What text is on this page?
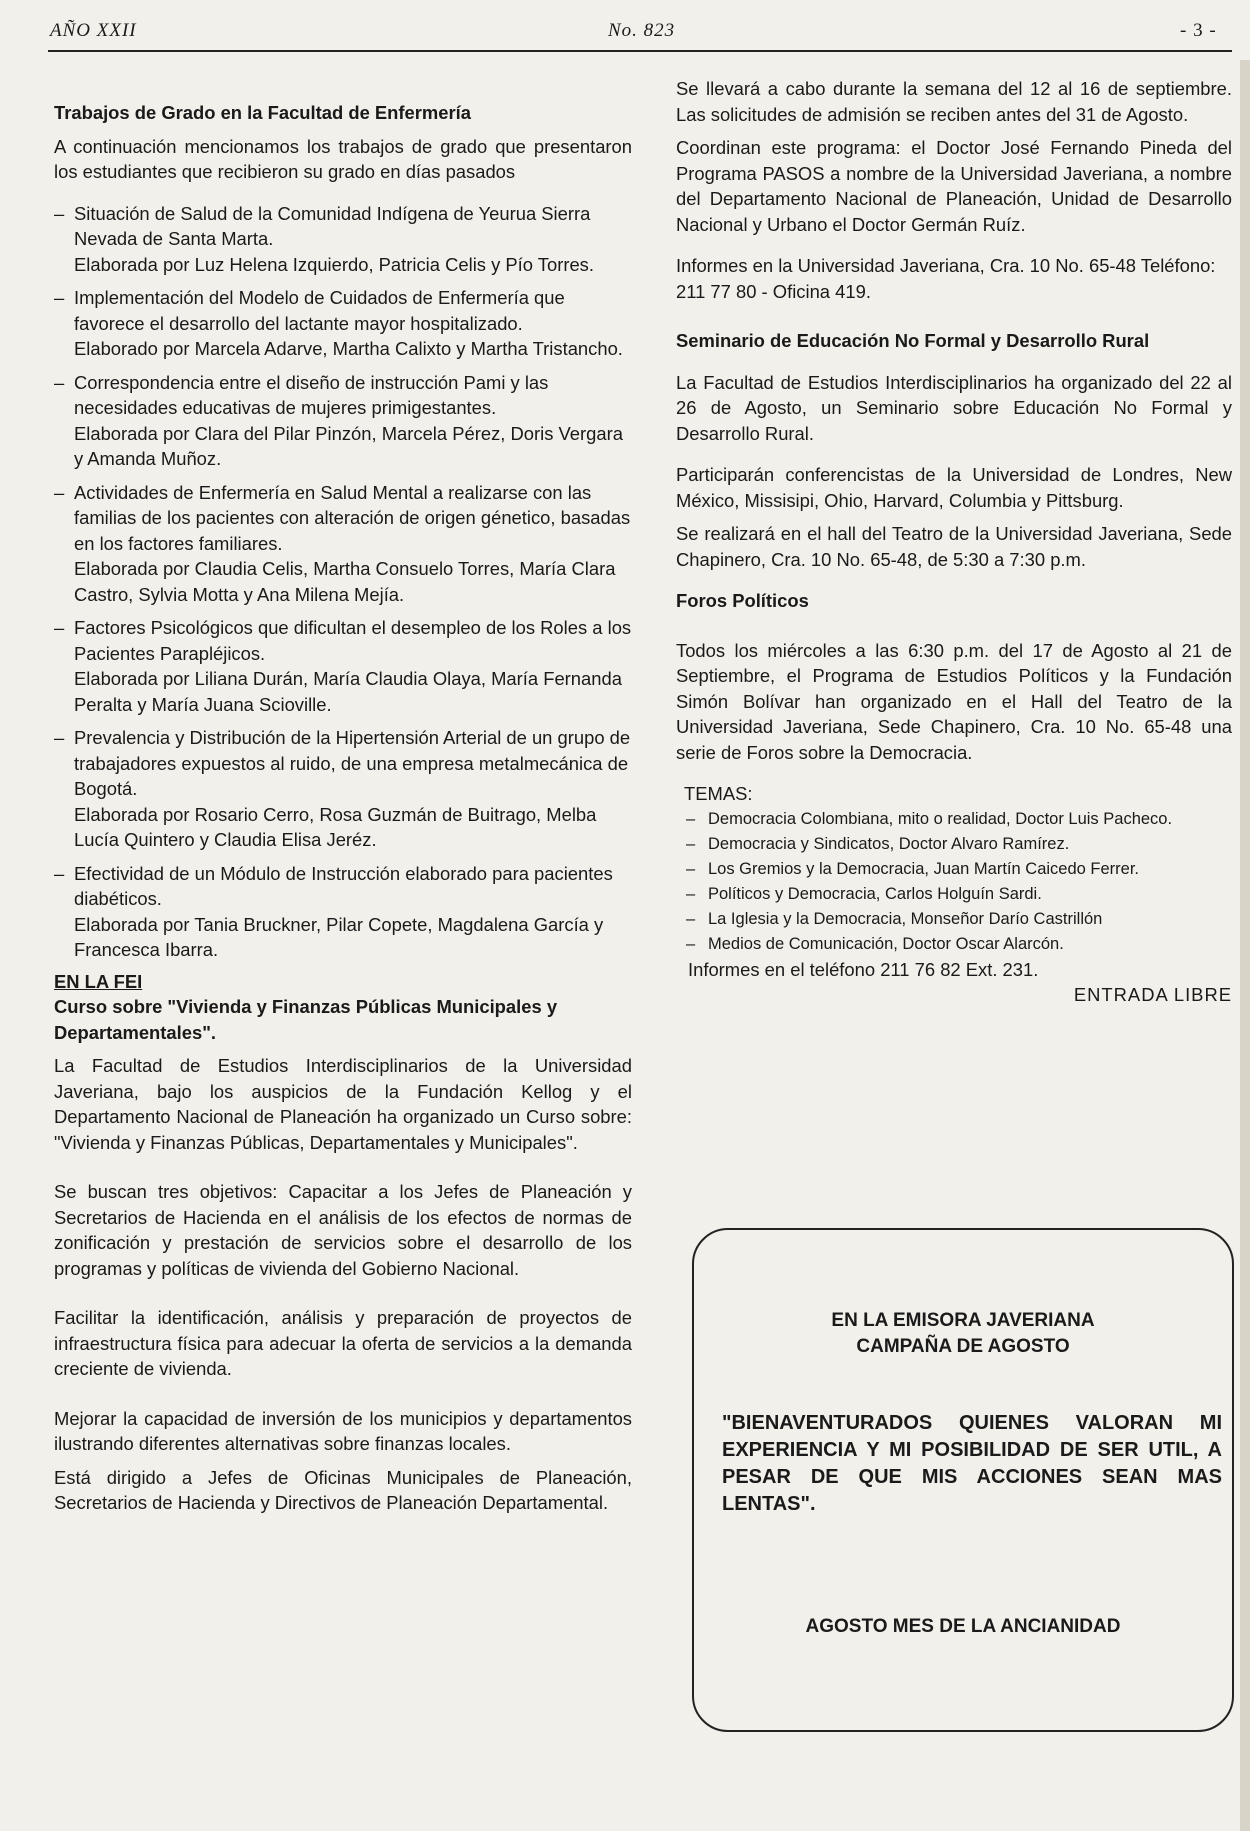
AÑO XXII	No. 823	- 3 -

Trabajos de Grado en la Facultad de Enfermería

A continuación mencionamos los trabajos de grado que presentaron los estudiantes que recibieron su grado en días pasados

– Situación de Salud de la Comunidad Indígena de Yeurua Sierra Nevada de Santa Marta.

Elaborada por Luz Helena Izquierdo, Patricia Celis y Pío Torres.

– Implementación del Modelo de Cuidados de Enfermería que favorece el desarrollo del lactante mayor hospitalizado.

Elaborado por Marcela Adarve, Martha Calixto y Martha Tristancho.

– Correspondencia entre el diseño de instrucción Pami y las necesidades educativas de mujeres primigestantes.

Elaborada por Clara del Pilar Pinzón, Marcela Pérez, Doris Vergara y Amanda Muñoz.

– Actividades de Enfermería en Salud Mental a realizarse con las familias de los pacientes con alteración de origen génetico, basadas en los factores familiares.

Elaborada por Claudia Celis, Martha Consuelo Torres, María Clara Castro, Sylvia Motta y Ana Milena Mejía.

– Factores Psicológicos que dificultan el desempleo de los Roles a los Pacientes Parapléjicos.

Elaborada por Liliana Durán, María Claudia Olaya, María Fernanda Peralta y María Juana Scioville.

– Prevalencia y Distribución de la Hipertensión Arterial de un grupo de trabajadores expuestos al ruido, de una empresa metalmecánica de Bogotá.

Elaborada por Rosario Cerro, Rosa Guzmán de Buitrago, Melba Lucía Quintero y Claudia Elisa Jeréz.

– Efectividad de un Módulo de Instrucción elaborado para pacientes diabéticos.

Elaborada por Tania Bruckner, Pilar Copete, Magdalena García y Francesca Ibarra.

EN LA FEI

Curso sobre "Vivienda y Finanzas Públicas Municipales y Departamentales".

La Facultad de Estudios Interdisciplinarios de la Universidad Javeriana, bajo los auspicios de la Fundación Kellog y el Departamento Nacional de Planeación ha organizado un Curso sobre: "Vivienda y Finanzas Públicas, Departamentales y Municipales".

Se buscan tres objetivos: Capacitar a los Jefes de Planeación y Secretarios de Hacienda en el análisis de los efectos de normas de zonificación y prestación de servicios sobre el desarrollo de los programas y políticas de vivienda del Gobierno Nacional.

Facilitar la identificación, análisis y preparación de proyectos de infraestructura física para adecuar la oferta de servicios a la demanda creciente de vivienda.

Mejorar la capacidad de inversión de los municipios y departamentos ilustrando diferentes alternativas sobre finanzas locales.

Está dirigido a Jefes de Oficinas Municipales de Planeación, Secretarios de Hacienda y Directivos de Planeación Departamental.

Se llevará a cabo durante la semana del 12 al 16 de septiembre. Las solicitudes de admisión se reciben antes del 31 de Agosto.

Coordinan este programa: el Doctor José Fernando Pineda del Programa PASOS a nombre de la Universidad Javeriana, a nombre del Departamento Nacional de Planeación, Unidad de Desarrollo Nacional y Urbano el Doctor Germán Ruíz.

Informes en la Universidad Javeriana, Cra. 10 No. 65-48 Teléfono: 211 77 80 - Oficina 419.

Seminario de Educación No Formal y Desarrollo Rural

La Facultad de Estudios Interdisciplinarios ha organizado del 22 al 26 de Agosto, un Seminario sobre Educación No Formal y Desarrollo Rural.

Participarán conferencistas de la Universidad de Londres, New México, Missisipi, Ohio, Harvard, Columbia y Pittsburg.

Se realizará en el hall del Teatro de la Universidad Javeriana, Sede Chapinero, Cra. 10 No. 65-48, de 5:30 a 7:30 p.m.

Foros Políticos

Todos los miércoles a las 6:30 p.m. del 17 de Agosto al 21 de Septiembre, el Programa de Estudios Políticos y la Fundación Simón Bolívar han organizado en el Hall del Teatro de la Universidad Javeriana, Sede Chapinero, Cra. 10 No. 65-48 una serie de Foros sobre la Democracia.

TEMAS:

– Democracia Colombiana, mito o realidad, Doctor Luis Pacheco.
– Democracia y Sindicatos, Doctor Alvaro Ramírez.
– Los Gremios y la Democracia, Juan Martín Caicedo Ferrer.
– Políticos y Democracia, Carlos Holguín Sardi.
– La Iglesia y la Democracia, Monseñor Darío Castrillón
– Medios de Comunicación, Doctor Oscar Alarcón.

Informes en el teléfono 211 76 82 Ext. 231.

ENTRADA LIBRE

EN LA EMISORA JAVERIANA
CAMPAÑA DE AGOSTO

"BIENAVENTURADOS QUIENES VALORAN MI EXPERIENCIA Y MI POSIBILIDAD DE SER UTIL, A PESAR DE QUE MIS ACCIONES SEAN MAS LENTAS".

AGOSTO MES DE LA ANCIANIDAD
